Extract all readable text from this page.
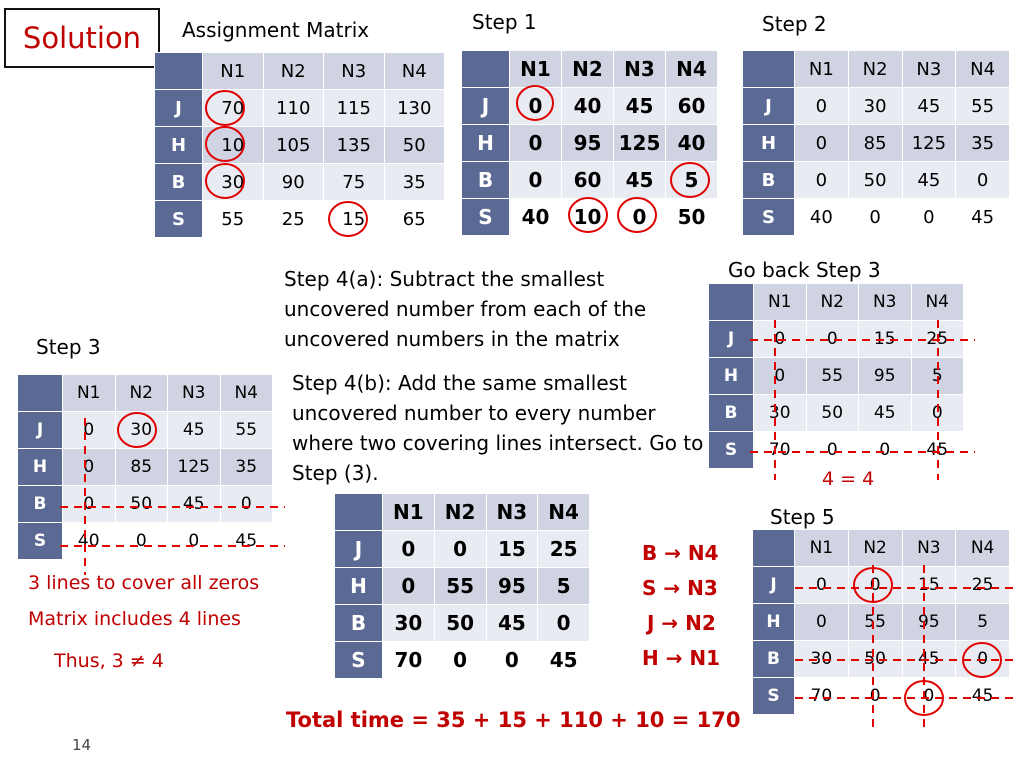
Solution Assignment Matrix	Step 1	Step 2
Step 3
Go back Step 3
Step 5
	N1	N2	N3	N4
J	70	110	115	130
H	10	105	135	50
B	30	90	75	35
S	55	25	15	65
	N1	N2	N3	N4
J	0	40	45	60
H	0	95	125	40
B	0	60	45	5
S	40	10	0	50
	N1	N2	N3	N4
J	0	30	45	55
H	0	85	125	35
B	0	50	45	0
S	40	0	0	45
	N1	N2	N3	N4
J	0	30	45	55
H	0	85	125	35
B	0	50	45	0
S	40	0	0	45
	N1	N2	N3	N4
J	0	0	15	25
H	0	55	95	5
B	30	50	45	0
S	70	0	0	45
	N1	N2	N3	N4
J	0	0	15	25
H	0	55	95	5
B	30	50	45	0
S	70	0	0	45
	N1	N2	N3	N4
J	0	0	15	25
H	0	55	95	5
B	30	50	45	0
S	70	0	0	45
Step 4(a): Subtract the smallest uncovered number from each of the uncovered numbers in the matrix
Step 4(b): Add the same smallest uncovered number to every number where two covering lines intersect. Go to Step (3).
3 lines to cover all zeros
Matrix includes 4 lines
Thus, 3 ≠ 4
4 = 4
B → N4
S → N3
J → N2
H → N1
Total time = 35 + 15 + 110 + 10 = 170
14
